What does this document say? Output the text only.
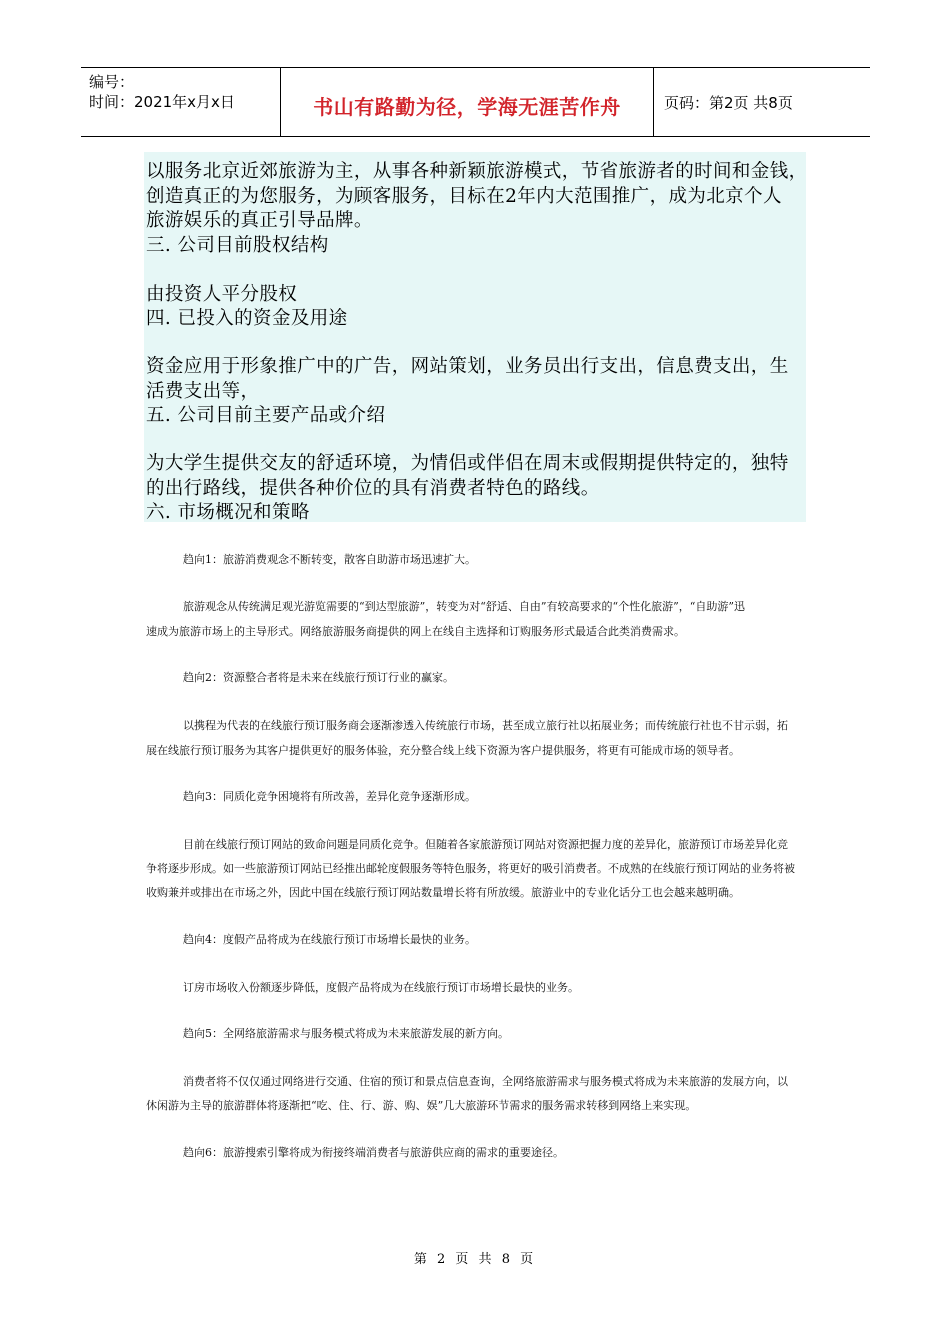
编号：
时间：2021年x月x日	书山有路勤为径，学海无涯苦作舟	页码：第2页 共8页
以服务北京近郊旅游为主，从事各种新颖旅游模式，节省旅游者的时间和金钱，
创造真正的为您服务，为顾客服务，目标在2年内大范围推广，成为北京个人
旅游娱乐的真正引导品牌。
三. 公司目前股权结构
由投资人平分股权
四. 已投入的资金及用途
资金应用于形象推广中的广告，网站策划，业务员出行支出，信息费支出，生
活费支出等，
五. 公司目前主要产品或介绍
为大学生提供交友的舒适环境，为情侣或伴侣在周末或假期提供特定的，独特
的出行路线，提供各种价位的具有消费者特色的路线。
六. 市场概况和策略
趋向1：旅游消费观念不断转变，散客自助游市场迅速扩大。
旅游观念从传统满足观光游览需要的“到达型旅游”，转变为对“舒适、自由”有较高要求的“个性化旅游”，“自助游”迅
速成为旅游市场上的主导形式。网络旅游服务商提供的网上在线自主选择和订购服务形式最适合此类消费需求。
趋向2：资源整合者将是未来在线旅行预订行业的赢家。
以携程为代表的在线旅行预订服务商会逐渐渗透入传统旅行市场，甚至成立旅行社以拓展业务；而传统旅行社也不甘示弱，拓
展在线旅行预订服务为其客户提供更好的服务体验，充分整合线上线下资源为客户提供服务，将更有可能成市场的领导者。
趋向3：同质化竞争困境将有所改善，差异化竞争逐渐形成。
目前在线旅行预订网站的致命问题是同质化竞争。但随着各家旅游预订网站对资源把握力度的差异化，旅游预订市场差异化竞
争将逐步形成。如一些旅游预订网站已经推出邮轮度假服务等特色服务，将更好的吸引消费者。不成熟的在线旅行预订网站的业务将被
收购兼并或排出在市场之外，因此中国在线旅行预订网站数量增长将有所放缓。旅游业中的专业化话分工也会越来越明确。
趋向4：度假产品将成为在线旅行预订市场增长最快的业务。
订房市场收入份额逐步降低，度假产品将成为在线旅行预订市场增长最快的业务。
趋向5：全网络旅游需求与服务模式将成为未来旅游发展的新方向。
消费者将不仅仅通过网络进行交通、住宿的预订和景点信息查询，全网络旅游需求与服务模式将成为未来旅游的发展方向，以
休闲游为主导的旅游群体将逐渐把“吃、住、行、游、购、娱”几大旅游环节需求的服务需求转移到网络上来实现。
趋向6：旅游搜索引擎将成为衔接终端消费者与旅游供应商的需求的重要途径。
第 2 页 共 8 页
